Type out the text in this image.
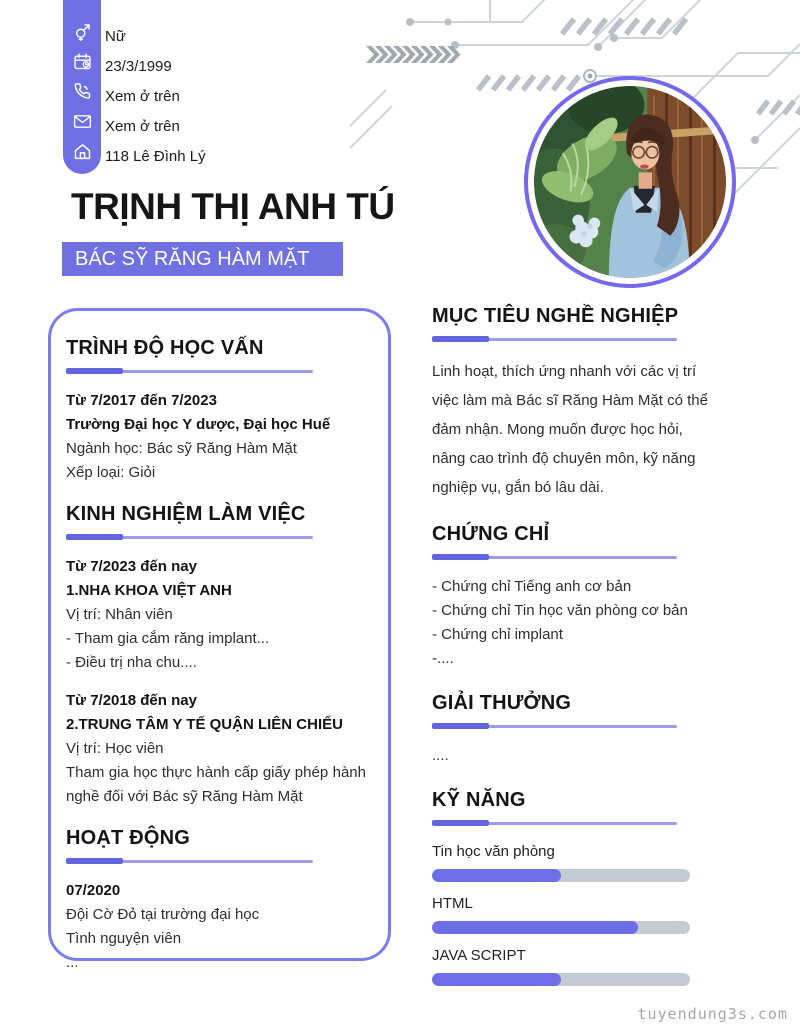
Nữ
23/3/1999
Xem ở trên
Xem ở trên
118 Lê Đình Lý
TRỊNH THỊ ANH TÚ
BÁC SỸ RĂNG HÀM MẶT
TRÌNH ĐỘ HỌC VẤN

Từ 7/2017 đến 7/2023

Trường Đại học Y dược, Đại học Huế

Ngành học: Bác sỹ Răng Hàm Mặt

Xếp loại: Giỏi

KINH NGHIỆM LÀM VIỆC

Từ 7/2023 đến nay

1.NHA KHOA VIỆT ANH

Vị trí: Nhân viên

- Tham gia cắm răng implant...

- Điều trị nha chu....

Từ 7/2018 đến nay

2.TRUNG TÂM Y TẾ QUẬN LIÊN CHIỂU

Vị trí: Học viên

Tham gia học thực hành cấp giấy phép hành nghề đối với Bác sỹ Răng Hàm Mặt

HOẠT ĐỘNG

07/2020

Đội Cờ Đỏ tại trường đại học

Tình nguyện viên

...

MỤC TIÊU NGHỀ NGHIỆP

Linh hoạt, thích ứng nhanh với các vị trí việc làm mà Bác sĩ Răng Hàm Mặt có thể đảm nhận. Mong muốn được học hỏi, nâng cao trình độ chuyên môn, kỹ năng nghiệp vụ, gắn bó lâu dài.

CHỨNG CHỈ

- Chứng chỉ Tiếng anh cơ bản

- Chứng chỉ Tin học văn phòng cơ bản

- Chứng chỉ implant

-....

GIẢI THƯỞNG

....

KỸ NĂNG
Tin học văn phòng
HTML
JAVA SCRIPT
tuyendung3s.com
